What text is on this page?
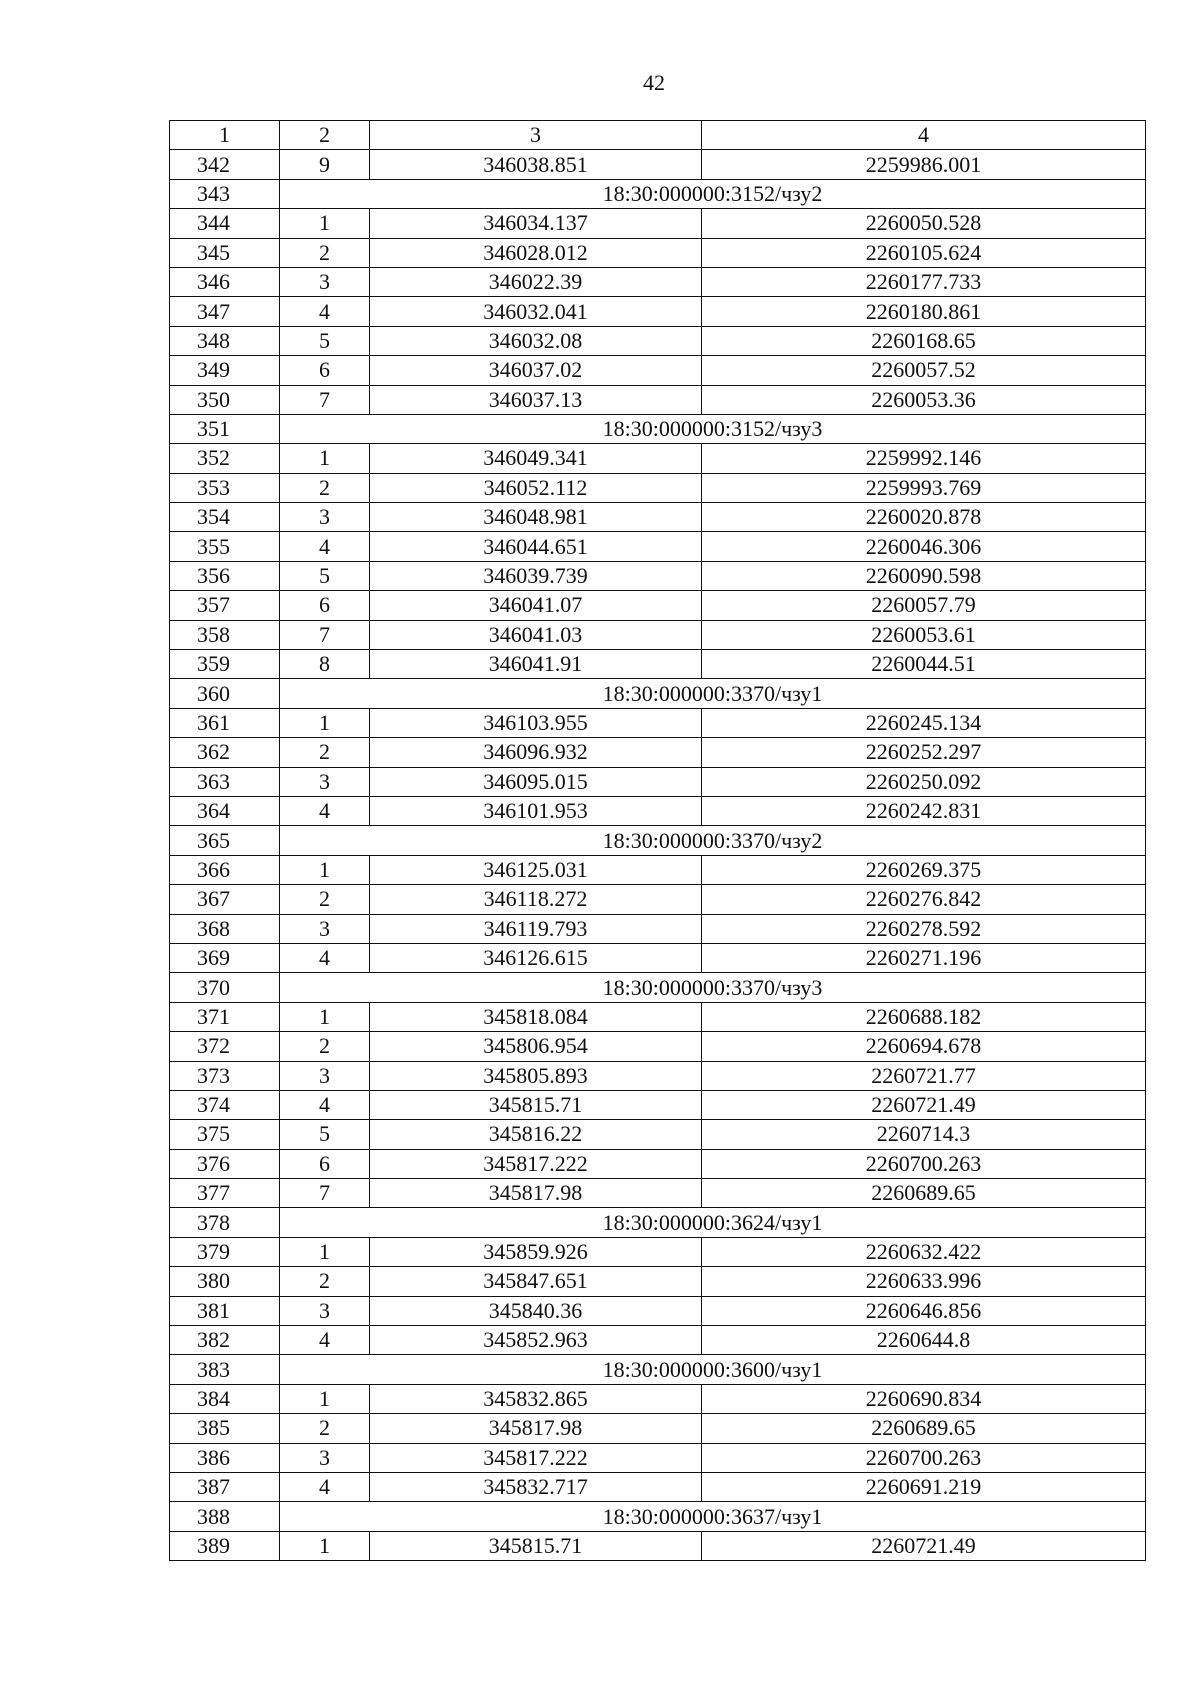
42
1	2	3	4
342	9	346038.851	2259986.001
343	18:30:000000:3152/чзу2		
344	1	346034.137	2260050.528
345	2	346028.012	2260105.624
346	3	346022.39	2260177.733
347	4	346032.041	2260180.861
348	5	346032.08	2260168.65
349	6	346037.02	2260057.52
350	7	346037.13	2260053.36
351	18:30:000000:3152/чзу3		
352	1	346049.341	2259992.146
353	2	346052.112	2259993.769
354	3	346048.981	2260020.878
355	4	346044.651	2260046.306
356	5	346039.739	2260090.598
357	6	346041.07	2260057.79
358	7	346041.03	2260053.61
359	8	346041.91	2260044.51
360	18:30:000000:3370/чзу1		
361	1	346103.955	2260245.134
362	2	346096.932	2260252.297
363	3	346095.015	2260250.092
364	4	346101.953	2260242.831
365	18:30:000000:3370/чзу2		
366	1	346125.031	2260269.375
367	2	346118.272	2260276.842
368	3	346119.793	2260278.592
369	4	346126.615	2260271.196
370	18:30:000000:3370/чзу3		
371	1	345818.084	2260688.182
372	2	345806.954	2260694.678
373	3	345805.893	2260721.77
374	4	345815.71	2260721.49
375	5	345816.22	2260714.3
376	6	345817.222	2260700.263
377	7	345817.98	2260689.65
378	18:30:000000:3624/чзу1		
379	1	345859.926	2260632.422
380	2	345847.651	2260633.996
381	3	345840.36	2260646.856
382	4	345852.963	2260644.8
383	18:30:000000:3600/чзу1		
384	1	345832.865	2260690.834
385	2	345817.98	2260689.65
386	3	345817.222	2260700.263
387	4	345832.717	2260691.219
388	18:30:000000:3637/чзу1		
389	1	345815.71	2260721.49
